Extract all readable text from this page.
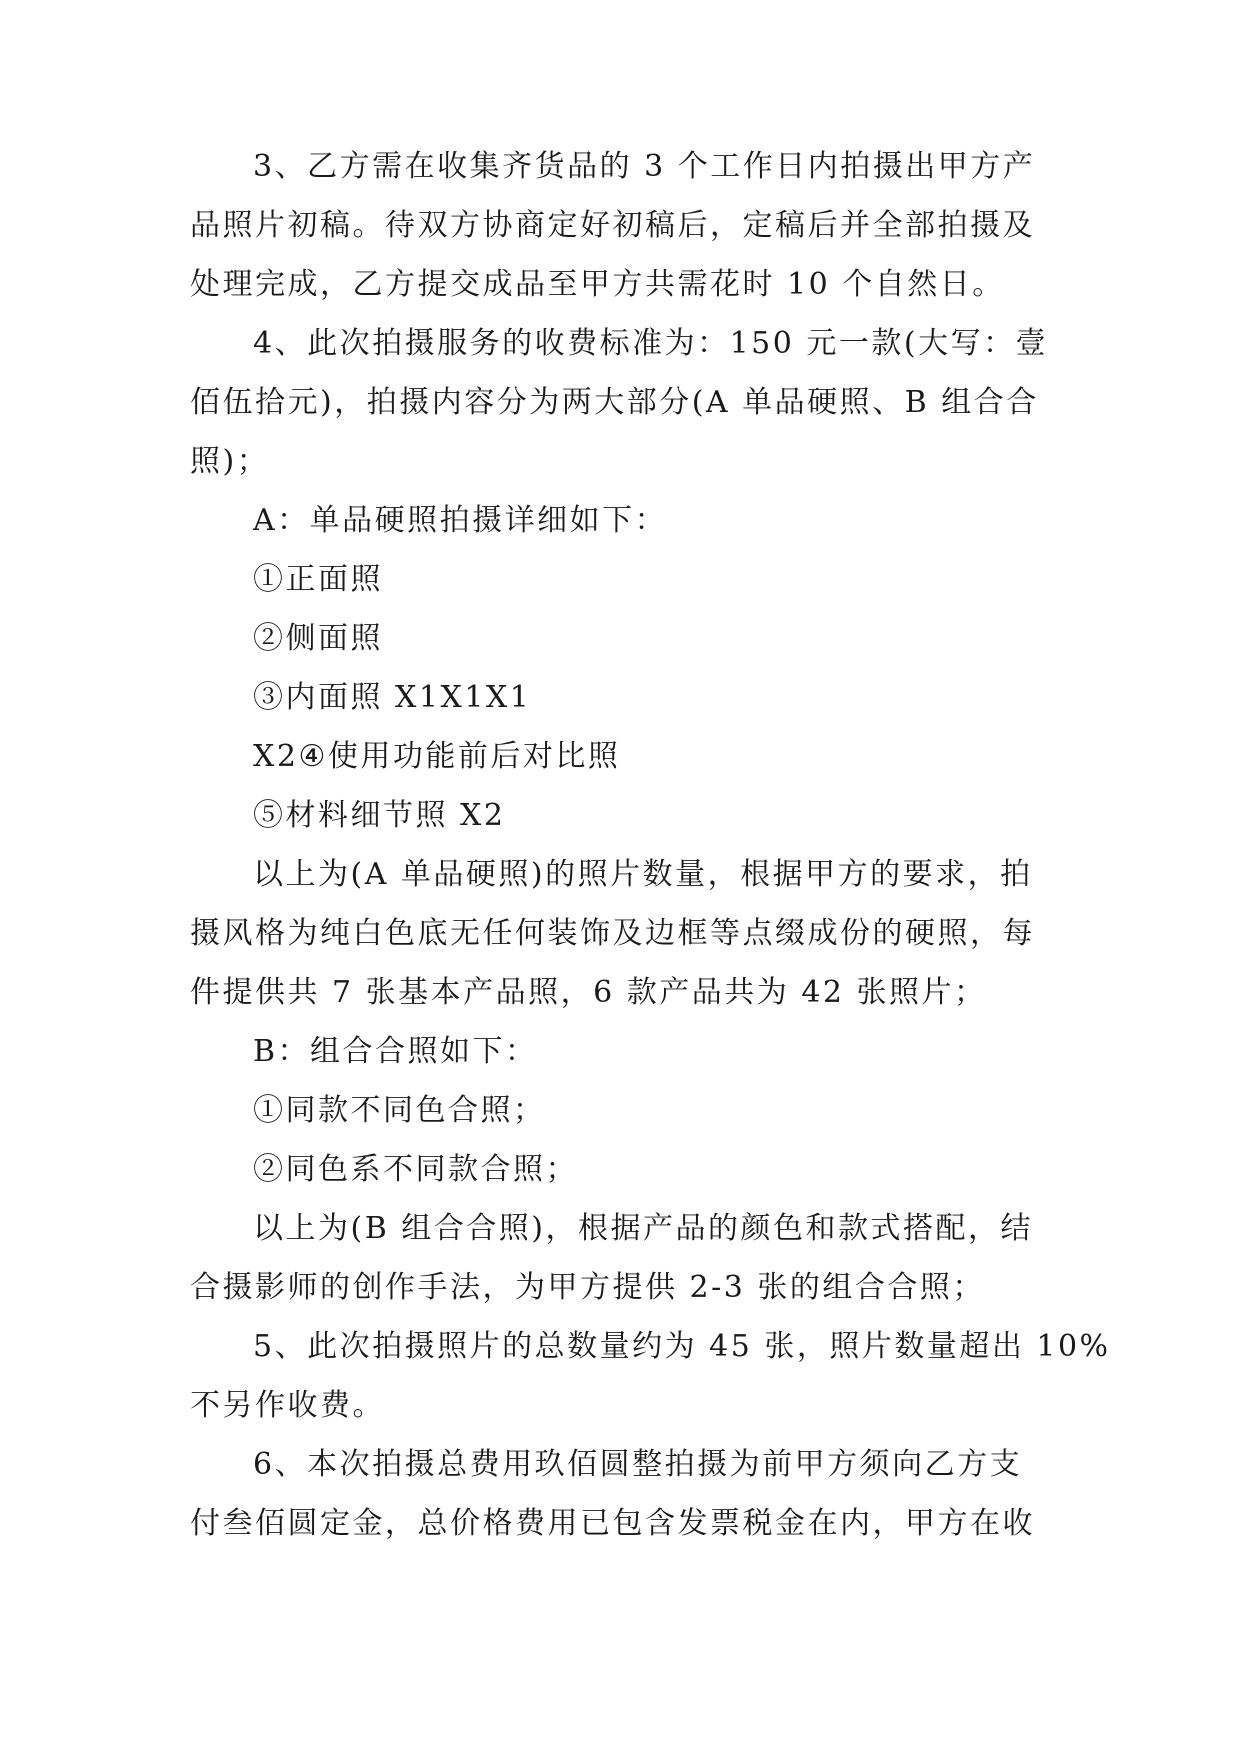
3、乙方需在收集齐货品的 3 个工作日内拍摄出甲方产
品照片初稿。待双方协商定好初稿后，定稿后并全部拍摄及
处理完成，乙方提交成品至甲方共需花时 10 个自然日。
4、此次拍摄服务的收费标准为：150 元一款(大写：壹
佰伍拾元)，拍摄内容分为两大部分(A 单品硬照、B 组合合
照)；
A：单品硬照拍摄详细如下：
①正面照
②侧面照
③内面照 X1X1X1
X2④使用功能前后对比照
⑤材料细节照 X2
以上为(A 单品硬照)的照片数量，根据甲方的要求，拍
摄风格为纯白色底无任何装饰及边框等点缀成份的硬照，每
件提供共 7 张基本产品照，6 款产品共为 42 张照片；
B：组合合照如下：
①同款不同色合照；
②同色系不同款合照；
以上为(B 组合合照)，根据产品的颜色和款式搭配，结
合摄影师的创作手法，为甲方提供 2-3 张的组合合照；
5、此次拍摄照片的总数量约为 45 张，照片数量超出 10%
不另作收费。
6、本次拍摄总费用玖佰圆整拍摄为前甲方须向乙方支
付叁佰圆定金，总价格费用已包含发票税金在内，甲方在收
